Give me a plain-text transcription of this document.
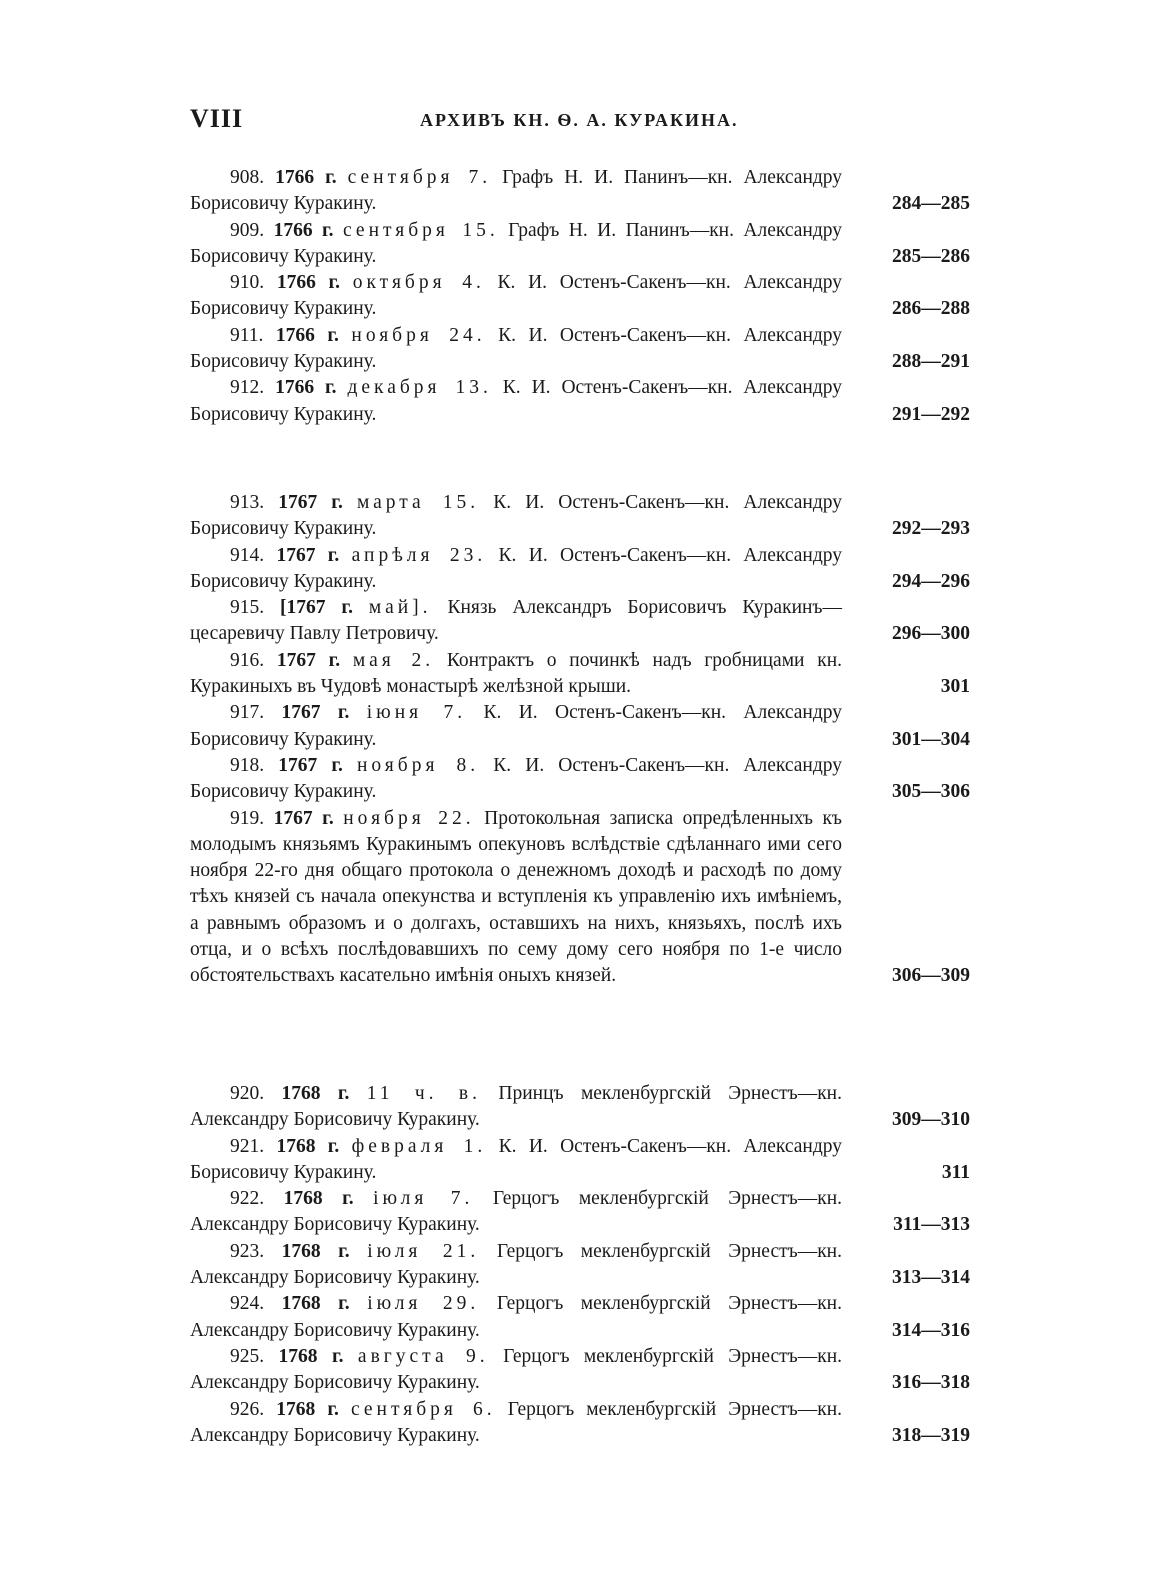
VIII	АРХИВЪ КН. Ѳ. А. КУРАКИНА.
908. 1766 г. сентября 7. Графъ Н. И. Панинъ—кн. Александру Борисовичу Куракину.	284—285
909. 1766 г. сентября 15. Графъ Н. И. Панинъ—кн. Александру Борисовичу Куракину.	285—286
910. 1766 г. октября 4. К. И. Остенъ-Сакенъ—кн. Александру Борисовичу Куракину.	286—288
911. 1766 г. ноября 24. К. И. Остенъ-Сакенъ—кн. Александру Борисовичу Куракину.	288—291
912. 1766 г. декабря 13. К. И. Остенъ-Сакенъ—кн. Александру Борисовичу Куракину.	291—292
913. 1767 г. марта 15. К. И. Остенъ-Сакенъ—кн. Александру Борисовичу Куракину.	292—293
914. 1767 г. апрѣля 23. К. И. Остенъ-Сакенъ—кн. Александру Борисовичу Куракину.	294—296
915. [1767 г. май]. Князь Александръ Борисовичъ Куракинъ—цесаревичу Павлу Петровичу.	296—300
916. 1767 г. мая 2. Контрактъ о починкѣ надъ гробницами кн. Куракиныхъ въ Чудовѣ монастырѣ желѣзной крыши.	301
917. 1767 г. іюня 7. К. И. Остенъ-Сакенъ—кн. Александру Борисовичу Куракину.	301—304
918. 1767 г. ноября 8. К. И. Остенъ-Сакенъ—кн. Александру Борисовичу Куракину.	305—306
919. 1767 г. ноября 22. Протокольная записка опредѣленныхъ къ молодымъ князьямъ Куракинымъ опекуновъ вслѣдствіе сдѣланнаго ими сего ноября 22-го дня общаго протокола о денежномъ доходѣ и расходѣ по дому тѣхъ князей съ начала опекунства и вступленія къ управленію ихъ имѣніемъ, а равнымъ образомъ и о долгахъ, оставшихъ на нихъ, князьяхъ, послѣ ихъ отца, и о всѣхъ послѣдовавшихъ по сему дому сего ноября по 1-е число обстоятельствахъ касательно имѣнія оныхъ князей.	306—309
920. 1768 г. 11 ч. в. Принцъ мекленбургскій Эрнестъ—кн. Александру Борисовичу Куракину.	309—310
921. 1768 г. февраля 1. К. И. Остенъ-Сакенъ—кн. Александру Борисовичу Куракину.	311
922. 1768 г. іюля 7. Герцогъ мекленбургскій Эрнестъ—кн. Александру Борисовичу Куракину.	311—313
923. 1768 г. іюля 21. Герцогъ мекленбургскій Эрнестъ—кн. Александру Борисовичу Куракину.	313—314
924. 1768 г. іюля 29. Герцогъ мекленбургскій Эрнестъ—кн. Александру Борисовичу Куракину.	314—316
925. 1768 г. августа 9. Герцогъ мекленбургскій Эрнестъ—кн. Александру Борисовичу Куракину.	316—318
926. 1768 г. сентября 6. Герцогъ мекленбургскій Эрнестъ—кн. Александру Борисовичу Куракину.	318—319
